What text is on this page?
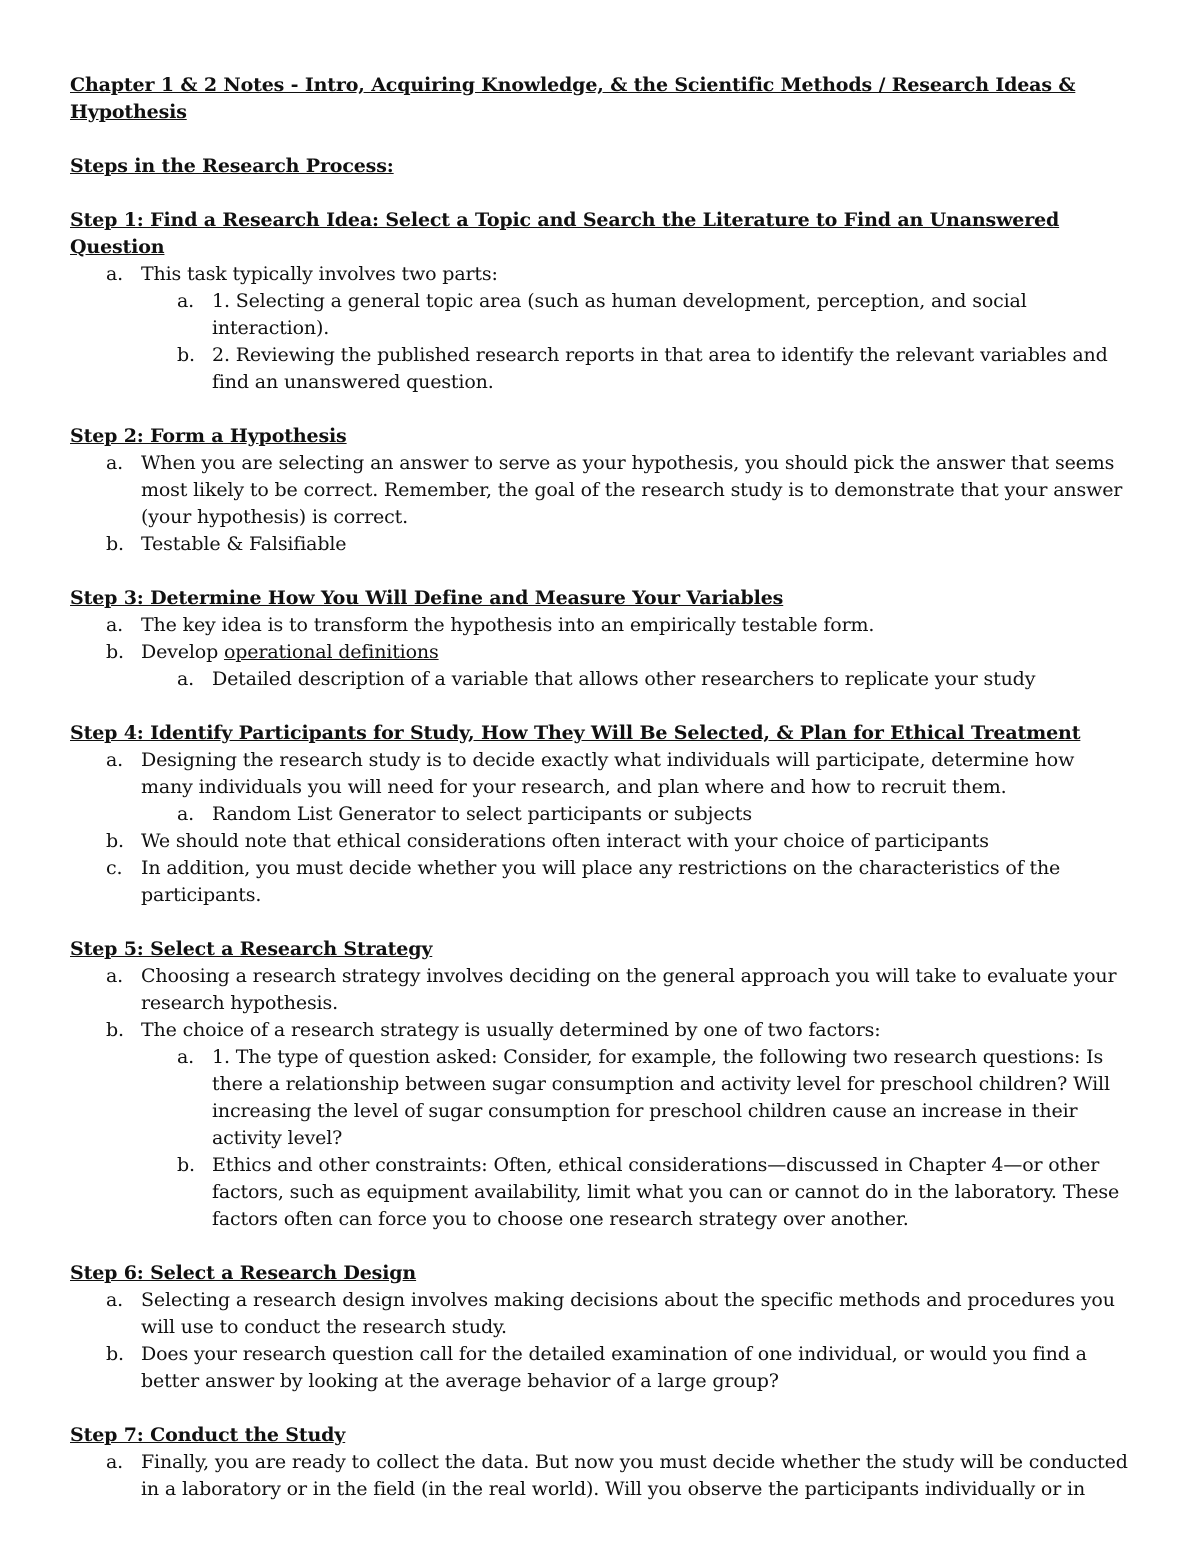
Chapter 1 & 2 Notes - Intro, Acquiring Knowledge, & the Scientific Methods / Research Ideas & Hypothesis
Steps in the Research Process:
Step 1: Find a Research Idea: Select a Topic and Search the Literature to Find an Unanswered Question
a. This task typically involves two parts:
a. 1. Selecting a general topic area (such as human development, perception, and social interaction).
b. 2. Reviewing the published research reports in that area to identify the relevant variables and find an unanswered question.
Step 2: Form a Hypothesis
a. When you are selecting an answer to serve as your hypothesis, you should pick the answer that seems most likely to be correct. Remember, the goal of the research study is to demonstrate that your answer (your hypothesis) is correct.
b. Testable & Falsifiable
Step 3: Determine How You Will Define and Measure Your Variables
a. The key idea is to transform the hypothesis into an empirically testable form.
b. Develop operational definitions
a. Detailed description of a variable that allows other researchers to replicate your study
Step 4: Identify Participants for Study, How They Will Be Selected, & Plan for Ethical Treatment
a. Designing the research study is to decide exactly what individuals will participate, determine how many individuals you will need for your research, and plan where and how to recruit them.
a. Random List Generator to select participants or subjects
b. We should note that ethical considerations often interact with your choice of participants
c. In addition, you must decide whether you will place any restrictions on the characteristics of the participants.
Step 5: Select a Research Strategy
a. Choosing a research strategy involves deciding on the general approach you will take to evaluate your research hypothesis.
b. The choice of a research strategy is usually determined by one of two factors:
a. 1. The type of question asked: Consider, for example, the following two research questions: Is there a relationship between sugar consumption and activity level for preschool children? Will increasing the level of sugar consumption for preschool children cause an increase in their activity level?
b. Ethics and other constraints: Often, ethical considerations—discussed in Chapter 4—or other factors, such as equipment availability, limit what you can or cannot do in the laboratory. These factors often can force you to choose one research strategy over another.
Step 6: Select a Research Design
a. Selecting a research design involves making decisions about the specific methods and procedures you will use to conduct the research study.
b. Does your research question call for the detailed examination of one individual, or would you find a better answer by looking at the average behavior of a large group?
Step 7: Conduct the Study
a. Finally, you are ready to collect the data. But now you must decide whether the study will be conducted in a laboratory or in the field (in the real world). Will you observe the participants individually or in
